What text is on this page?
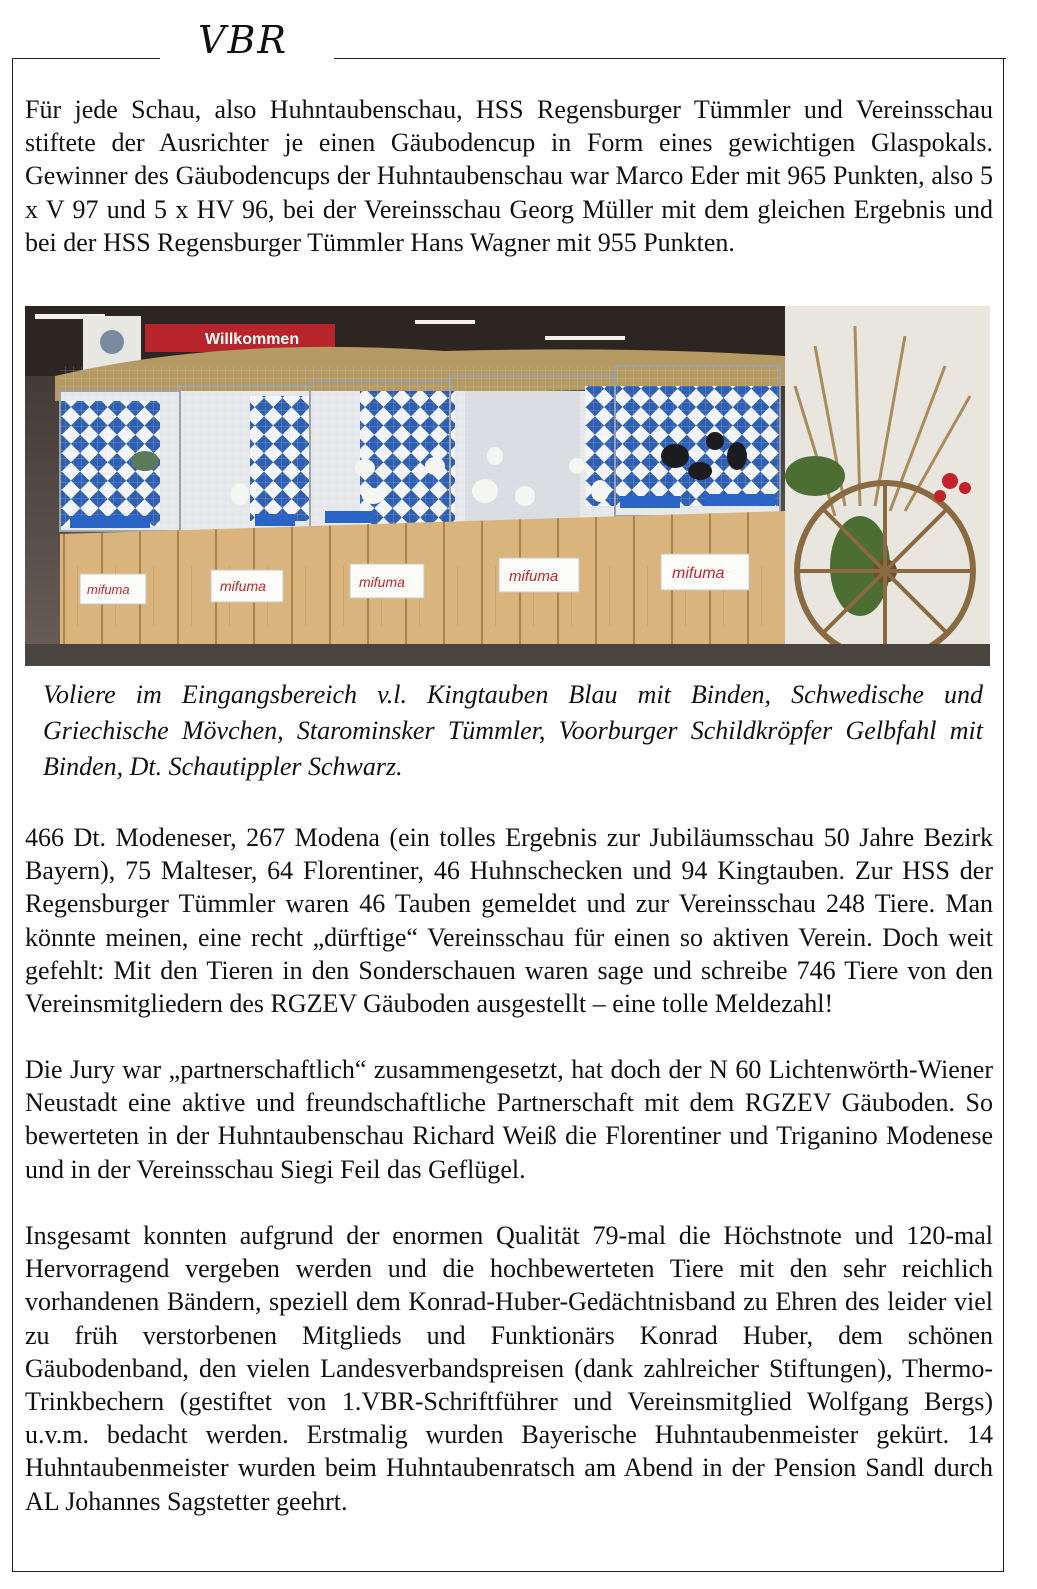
VBR

Für jede Schau, also Huhntaubenschau, HSS Regensburger Tümmler und Vereinsschau stiftete der Ausrichter je einen Gäubodencup in Form eines gewichtigen Glaspokals. Gewinner des Gäubodencups der Huhntaubenschau war Marco Eder mit 965 Punkten, also 5 x V 97 und 5 x HV 96, bei der Vereinsschau Georg Müller mit dem gleichen Ergebnis und bei der HSS Regensburger Tümmler Hans Wagner mit 955 Punkten.

Willkommen
mifuma	mifuma	mifuma	mifuma	mifuma

Voliere im Eingangsbereich v.l. Kingtauben Blau mit Binden, Schwedische und Griechische Mövchen, Starominsker Tümmler, Voorburger Schildkröpfer Gelbfahl mit Binden, Dt. Schautippler Schwarz.

466 Dt. Modeneser, 267 Modena (ein tolles Ergebnis zur Jubiläumsschau 50 Jahre Bezirk Bayern), 75 Malteser, 64 Florentiner, 46 Huhnschecken und 94 Kingtauben. Zur HSS der Regensburger Tümmler waren 46 Tauben gemeldet und zur Vereinsschau 248 Tiere. Man könnte meinen, eine recht „dürftige“ Vereinsschau für einen so aktiven Verein. Doch weit gefehlt: Mit den Tieren in den Sonderschauen waren sage und schreibe 746 Tiere von den Vereinsmitgliedern des RGZEV Gäuboden ausgestellt – eine tolle Meldezahl!

Die Jury war „partnerschaftlich“ zusammengesetzt, hat doch der N 60 Lichtenwörth-Wiener Neustadt eine aktive und freundschaftliche Partnerschaft mit dem RGZEV Gäuboden. So bewerteten in der Huhntaubenschau Richard Weiß die Florentiner und Triganino Modenese und in der Vereinsschau Siegi Feil das Geflügel.

Insgesamt konnten aufgrund der enormen Qualität 79-mal die Höchstnote und 120-mal Hervorragend vergeben werden und die hochbewerteten Tiere mit den sehr reichlich vorhandenen Bändern, speziell dem Konrad-Huber-Gedächtnisband zu Ehren des leider viel zu früh verstorbenen Mitglieds und Funktionärs Konrad Huber, dem schönen Gäubodenband, den vielen Landesverbandspreisen (dank zahlreicher Stiftungen), Thermo-Trinkbechern (gestiftet von 1.VBR-Schriftführer und Vereinsmitglied Wolfgang Bergs) u.v.m. bedacht werden. Erstmalig wurden Bayerische Huhntaubenmeister gekürt. 14 Huhntaubenmeister wurden beim Huhntaubenratsch am Abend in der Pension Sandl durch AL Johannes Sagstetter geehrt.
